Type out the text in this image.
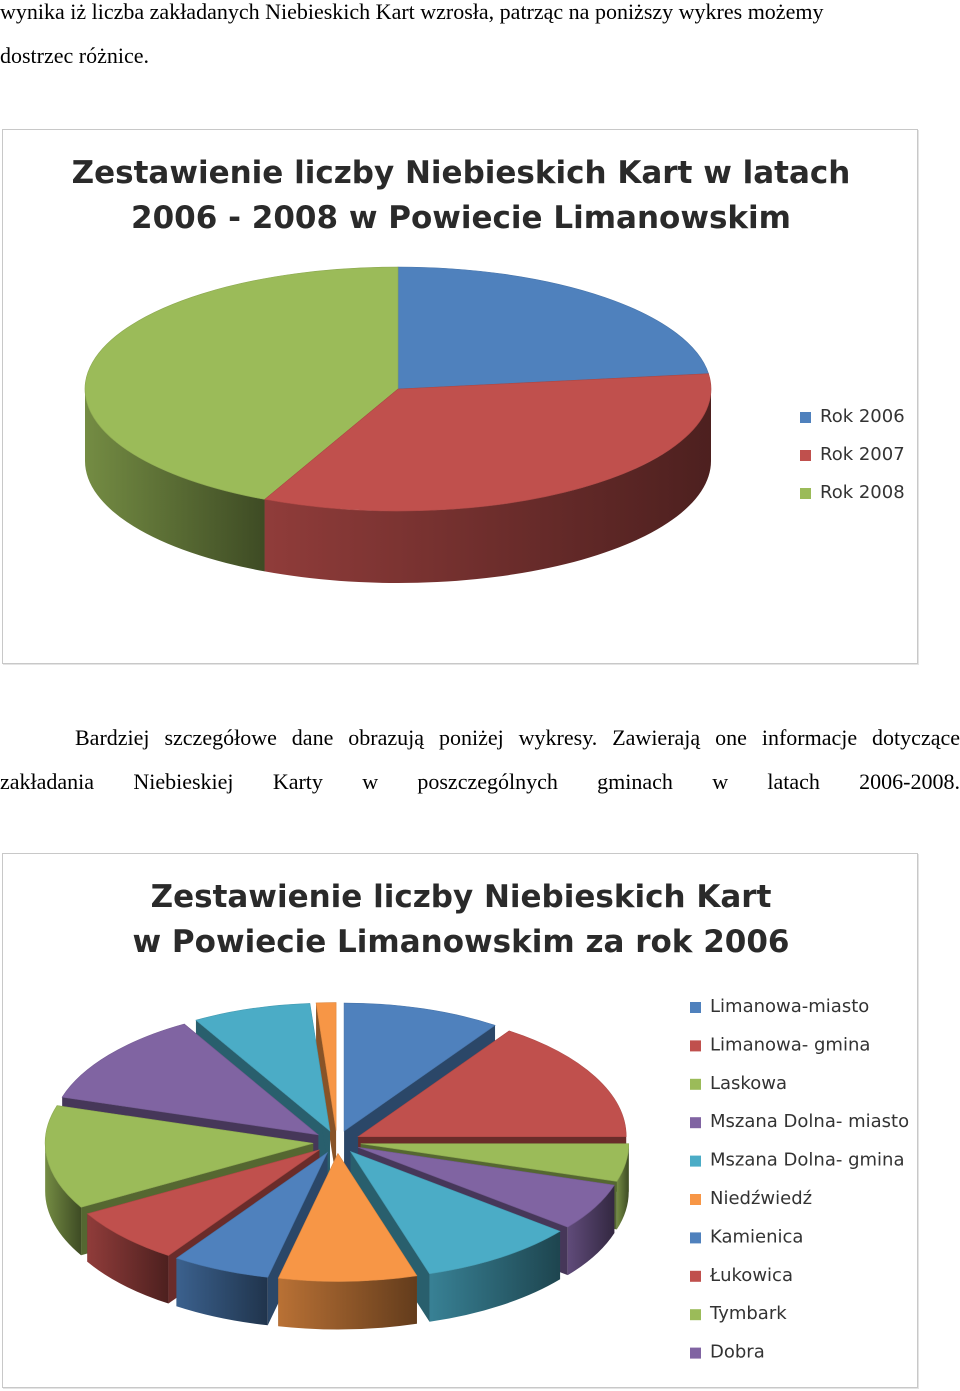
wynika iż liczba zakładanych Niebieskich Kart wzrosła, patrząc na poniższy wykres możemy
dostrzec różnice.

Zestawienie liczby Niebieskich Kart w latach
2006 - 2008 w Powiecie Limanowskim
Rok 2006
Rok 2007
Rok 2008

Bardziej szczegółowe dane obrazują poniżej wykresy. Zawierają one informacje dotyczące zakładania Niebieskiej Karty w poszczególnych gminach w latach 2006-2008.

Zestawienie liczby Niebieskich Kart
w Powiecie Limanowskim za rok 2006
Limanowa-miasto
Limanowa- gmina
Laskowa
Mszana Dolna- miasto
Mszana Dolna- gmina
Niedźwiedź
Kamienica
Łukowica
Tymbark
Dobra
